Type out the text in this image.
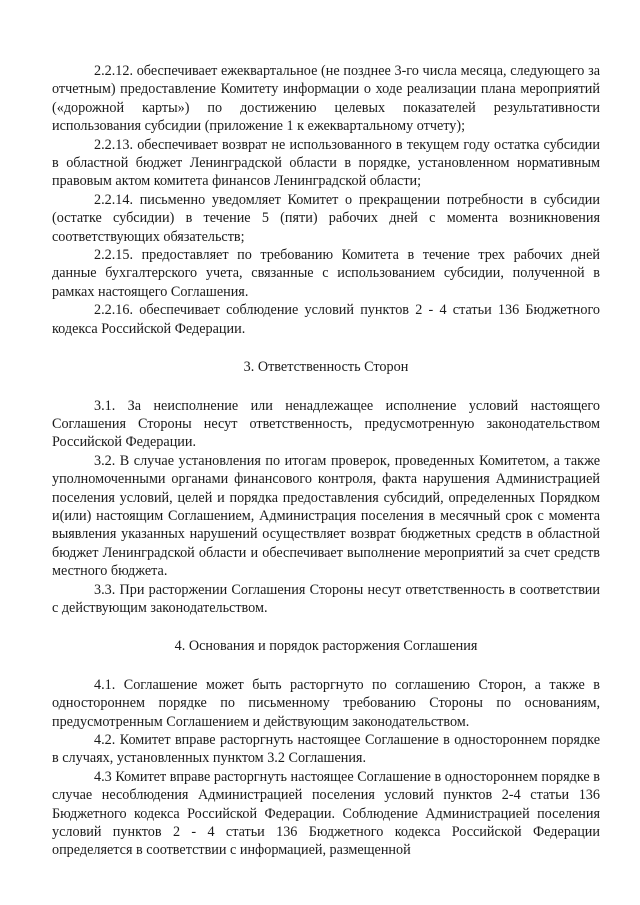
2.2.12. обеспечивает ежеквартальное (не позднее 3-го числа месяца, следующего за отчетным) предоставление Комитету информации о ходе реализации плана мероприятий («дорожной карты») по достижению целевых показателей результативности использования субсидии (приложение 1 к ежеквартальному отчету);

2.2.13. обеспечивает возврат не использованного в текущем году остатка субсидии в областной бюджет Ленинградской области в порядке, установленном нормативным правовым актом комитета финансов Ленинградской области;

2.2.14. письменно уведомляет Комитет о прекращении потребности в субсидии (остатке субсидии) в течение 5 (пяти) рабочих дней с момента возникновения соответствующих обязательств;

2.2.15. предоставляет по требованию Комитета в течение трех рабочих дней данные бухгалтерского учета, связанные с использованием субсидии, полученной в рамках настоящего Соглашения.

2.2.16. обеспечивает соблюдение условий пунктов 2 - 4 статьи 136 Бюджетного кодекса Российской Федерации.

3. Ответственность Сторон

3.1. За неисполнение или ненадлежащее исполнение условий настоящего Соглашения Стороны несут ответственность, предусмотренную законодательством Российской Федерации.

3.2. В случае установления по итогам проверок, проведенных Комитетом, а также уполномоченными органами финансового контроля, факта нарушения Администрацией поселения условий, целей и порядка предоставления субсидий, определенных Порядком и(или) настоящим Соглашением, Администрация поселения в месячный срок с момента выявления указанных нарушений осуществляет возврат бюджетных средств в областной бюджет Ленинградской области и обеспечивает выполнение мероприятий за счет средств местного бюджета.

3.3. При расторжении Соглашения Стороны несут ответственность в соответствии с действующим законодательством.

4. Основания и порядок расторжения Соглашения

4.1. Соглашение может быть расторгнуто по соглашению Сторон, а также в одностороннем порядке по письменному требованию Стороны по основаниям, предусмотренным Соглашением и действующим законодательством.

4.2. Комитет вправе расторгнуть настоящее Соглашение в одностороннем порядке в случаях, установленных пунктом 3.2 Соглашения.

4.3 Комитет вправе расторгнуть настоящее Соглашение в одностороннем порядке в случае несоблюдения Администрацией поселения условий пунктов 2-4 статьи 136 Бюджетного кодекса Российской Федерации. Соблюдение Администрацией поселения условий пунктов 2 - 4 статьи 136 Бюджетного кодекса Российской Федерации определяется в соответствии с информацией, размещенной
